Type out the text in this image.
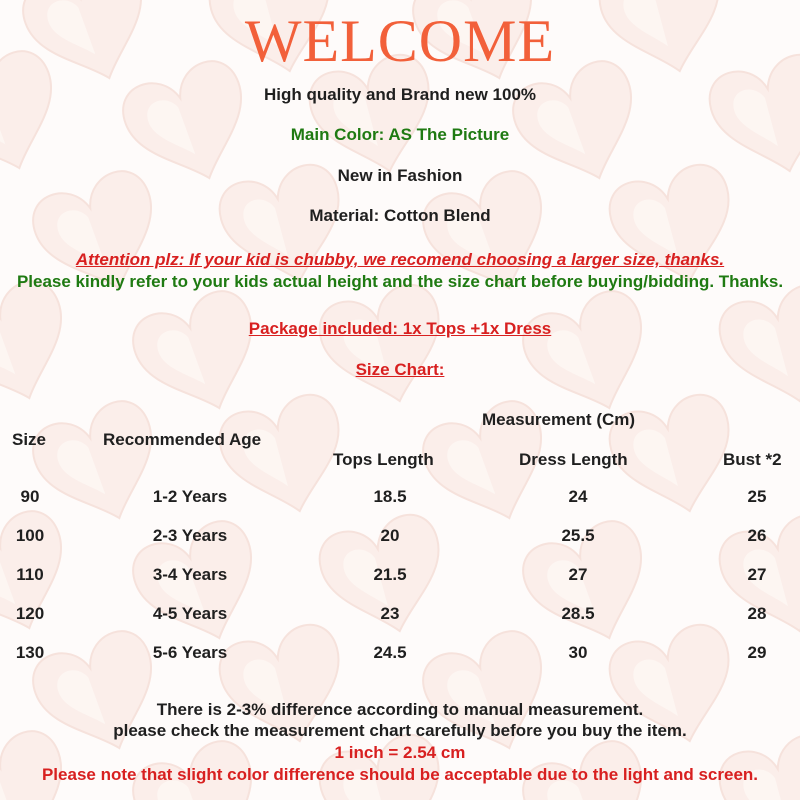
WELCOME
High quality and Brand new 100%
Main Color: AS The Picture
New in Fashion
Material: Cotton Blend
Attention plz: If your kid is chubby, we recomend choosing a larger size, thanks.
Please kindly refer to your kids actual height and the size chart before buying/bidding. Thanks.
Package included: 1x Tops +1x Dress
Size Chart:
Measurement (Cm)
Size	Recommended Age
Tops Length	Dress Length	Bust *2
90	1-2 Years	18.5	24	25
100	2-3 Years	20	25.5	26
110	3-4 Years	21.5	27	27
120	4-5 Years	23	28.5	28
130	5-6 Years	24.5	30	29
There is 2-3% difference according to manual measurement.
please check the measurement chart carefully before you buy the item.
1 inch = 2.54 cm
Please note that slight color difference should be acceptable due to the light and screen.
